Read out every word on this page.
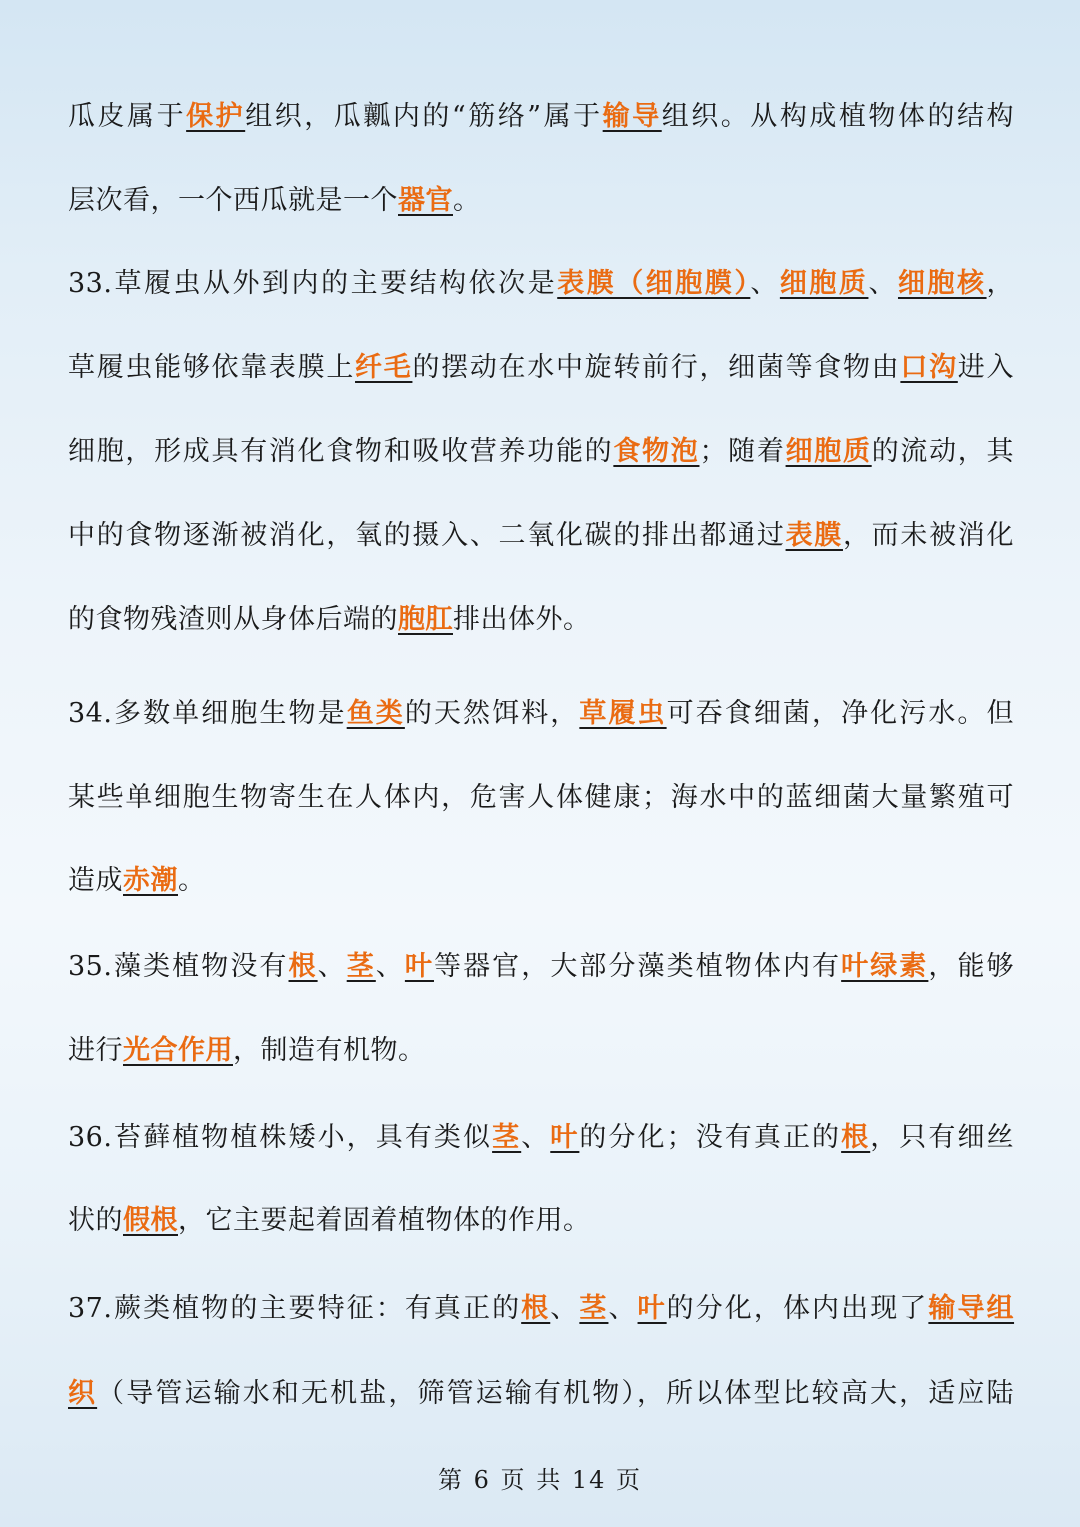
瓜皮属于保护组织，瓜瓤内的“筋络”属于输导组织。从构成植物体的结构
层次看，一个西瓜就是一个器官。
33.草履虫从外到内的主要结构依次是表膜（细胞膜）、细胞质、细胞核，
草履虫能够依靠表膜上纤毛的摆动在水中旋转前行，细菌等食物由口沟进入
细胞，形成具有消化食物和吸收营养功能的食物泡；随着细胞质的流动，其
中的食物逐渐被消化，氧的摄入、二氧化碳的排出都通过表膜，而未被消化
的食物残渣则从身体后端的胞肛排出体外。
34.多数单细胞生物是鱼类的天然饵料，草履虫可吞食细菌，净化污水。但
某些单细胞生物寄生在人体内，危害人体健康；海水中的蓝细菌大量繁殖可
造成赤潮。
35.藻类植物没有根、茎、叶等器官，大部分藻类植物体内有叶绿素，能够
进行光合作用，制造有机物。
36.苔藓植物植株矮小，具有类似茎、叶的分化；没有真正的根，只有细丝
状的假根，它主要起着固着植物体的作用。
37.蕨类植物的主要特征：有真正的根、茎、叶的分化，体内出现了输导组
织（导管运输水和无机盐，筛管运输有机物），所以体型比较高大，适应陆
第 6 页 共 14 页
